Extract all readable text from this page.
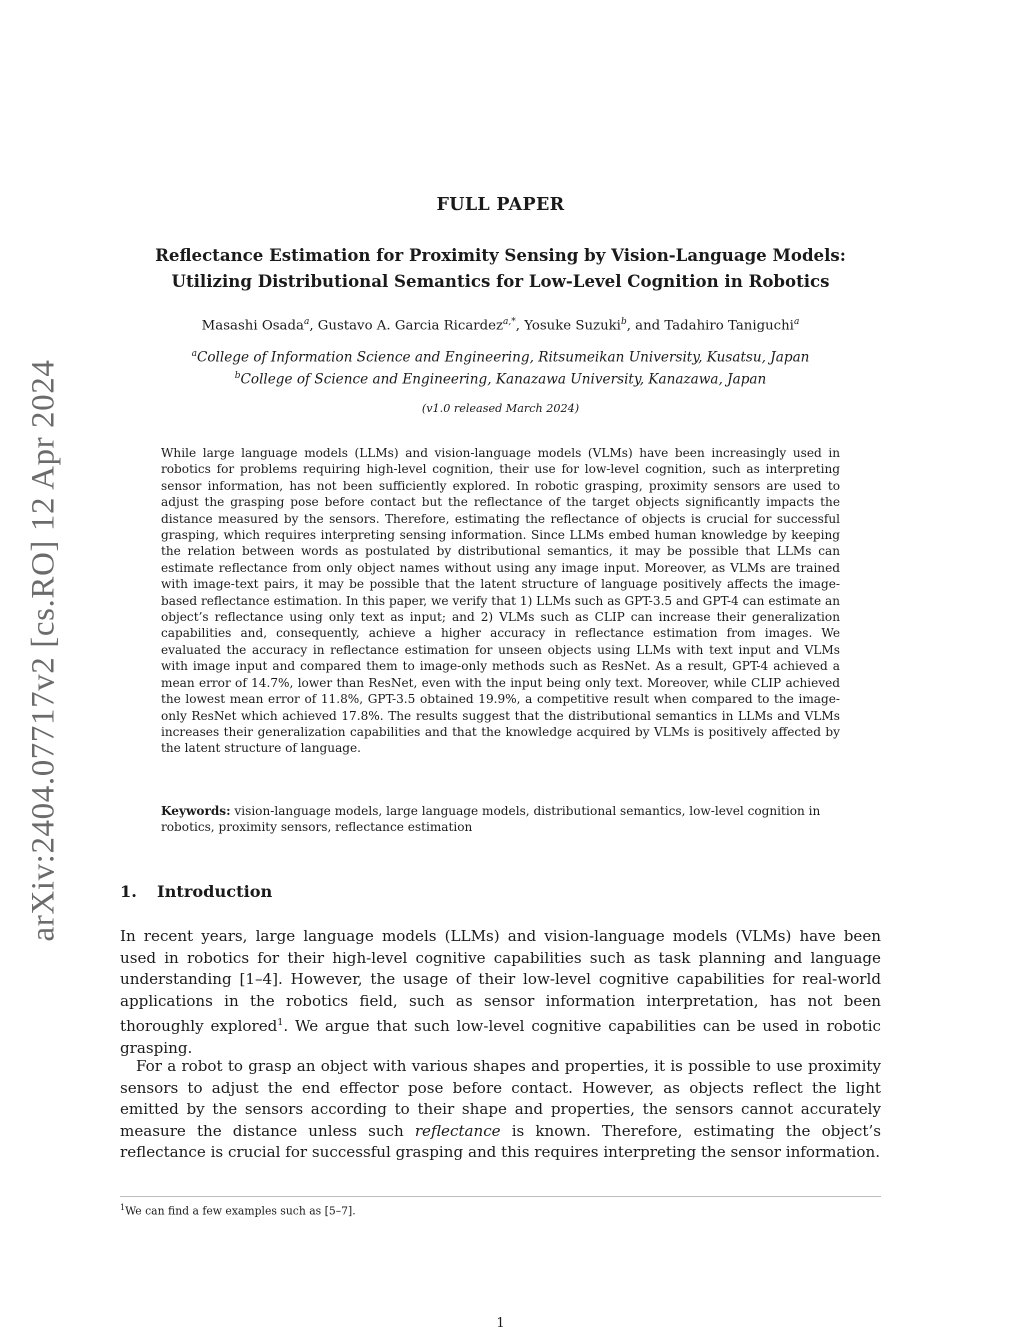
arXiv:2404.07717v2 [cs.RO] 12 Apr 2024
FULL PAPER
Reflectance Estimation for Proximity Sensing by Vision-Language Models:
Utilizing Distributional Semantics for Low-Level Cognition in Robotics
Masashi Osada$^a$, Gustavo A. Garcia Ricardez$^{a,*}$, Yosuke Suzuki$^b$, and Tadahiro Taniguchi$^a$
$^a$College of Information Science and Engineering, Ritsumeikan University, Kusatsu, Japan
$^b$College of Science and Engineering, Kanazawa University, Kanazawa, Japan
(v1.0 released March 2024)

While large language models (LLMs) and vision-language models (VLMs) have been increasingly used in robotics for problems requiring high-level cognition, their use for low-level cognition, such as interpreting sensor information, has not been sufficiently explored. In robotic grasping, proximity sensors are used to adjust the grasping pose before contact but the reflectance of the target objects significantly impacts the distance measured by the sensors. Therefore, estimating the reflectance of objects is crucial for successful grasping, which requires interpreting sensing information. Since LLMs embed human knowledge by keeping the relation between words as postulated by distributional semantics, it may be possible that LLMs can estimate reflectance from only object names without using any image input. Moreover, as VLMs are trained with image-text pairs, it may be possible that the latent structure of language positively affects the image-based reflectance estimation. In this paper, we verify that 1) LLMs such as GPT-3.5 and GPT-4 can estimate an object’s reflectance using only text as input; and 2) VLMs such as CLIP can increase their generalization capabilities and, consequently, achieve a higher accuracy in reflectance estimation from images. We evaluated the accuracy in reflectance estimation for unseen objects using LLMs with text input and VLMs with image input and compared them to image-only methods such as ResNet. As a result, GPT-4 achieved a mean error of 14.7%, lower than ResNet, even with the input being only text. Moreover, while CLIP achieved the lowest mean error of 11.8%, GPT-3.5 obtained 19.9%, a competitive result when compared to the image-only ResNet which achieved 17.8%. The results suggest that the distributional semantics in LLMs and VLMs increases their generalization capabilities and that the knowledge acquired by VLMs is positively affected by the latent structure of language.

Keywords: vision-language models, large language models, distributional semantics, low-level cognition in robotics, proximity sensors, reflectance estimation

1. Introduction

In recent years, large language models (LLMs) and vision-language models (VLMs) have been used in robotics for their high-level cognitive capabilities such as task planning and language understanding [1–4]. However, the usage of their low-level cognitive capabilities for real-world applications in the robotics field, such as sensor information interpretation, has not been thoroughly explored$^1$. We argue that such low-level cognitive capabilities can be used in robotic grasping.

For a robot to grasp an object with various shapes and properties, it is possible to use proximity sensors to adjust the end effector pose before contact. However, as objects reflect the light emitted by the sensors according to their shape and properties, the sensors cannot accurately measure the distance unless such reflectance is known. Therefore, estimating the object’s reflectance is crucial for successful grasping and this requires interpreting the sensor information.

$^1$We can find a few examples such as [5–7].

1
